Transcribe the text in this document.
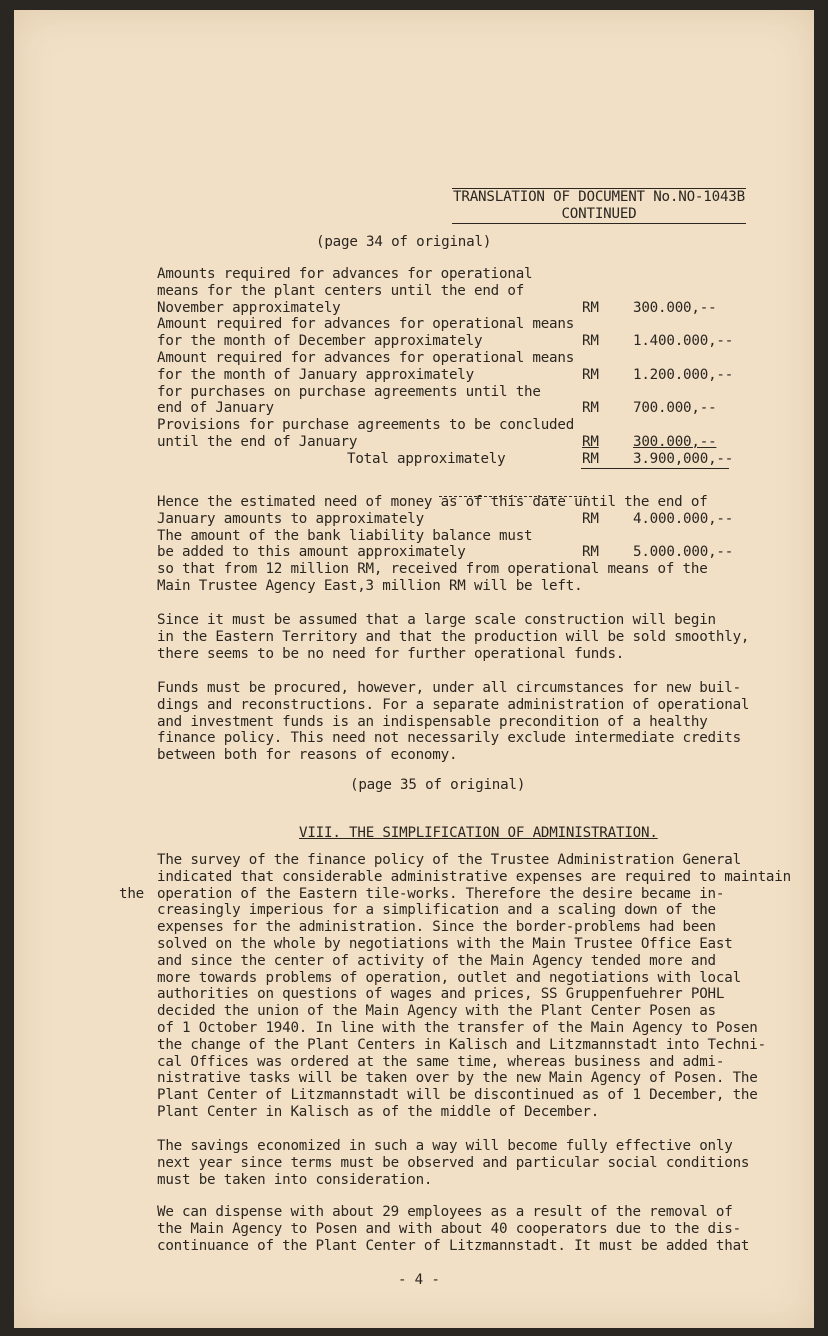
TRANSLATION OF DOCUMENT No.NO-1043B
CONTINUED
(page 34 of original)
Amounts required for advances for operational
means for the plant centers until the end of
November approximately	RM 300.000,--
Amount required for advances for operational means
for the month of December approximately	RM 1.400.000,--
Amount required for advances for operational means
for the month of January approximately	RM 1.200.000,--
for purchases on purchase agreements until the
end of January	RM 700.000,--
Provisions for purchase agreements to be concluded
until the end of January	RM 300.000,--
Total approximately	RM 3.900,000,--
Hence the estimated need of money as of this date until the end of
January amounts to approximately	RM 4.000.000,--
The amount of the bank liability balance must
be added to this amount approximately	RM 5.000.000,--
so that from 12 million RM, received from operational means of the
Main Trustee Agency East,3 million RM will be left.
Since it must be assumed that a large scale construction will begin
in the Eastern Territory and that the production will be sold smoothly,
there seems to be no need for further operational funds.
Funds must be procured, however, under all circumstances for new buil-
dings and reconstructions. For a separate administration of operational
and investment funds is an indispensable precondition of a healthy
finance policy. This need not necessarily exclude intermediate credits
between both for reasons of economy.
(page 35 of original)
VIII. THE SIMPLIFICATION OF ADMINISTRATION.
the
The survey of the finance policy of the Trustee Administration General
indicated that considerable administrative expenses are required to maintain
operation of the Eastern tile-works. Therefore the desire became in-
creasingly imperious for a simplification and a scaling down of the
expenses for the administration. Since the border-problems had been
solved on the whole by negotiations with the Main Trustee Office East
and since the center of activity of the Main Agency tended more and
more towards problems of operation, outlet and negotiations with local
authorities on questions of wages and prices, SS Gruppenfuehrer POHL
decided the union of the Main Agency with the Plant Center Posen as
of 1 October 1940. In line with the transfer of the Main Agency to Posen
the change of the Plant Centers in Kalisch and Litzmannstadt into Techni-
cal Offices was ordered at the same time, whereas business and admi-
nistrative tasks will be taken over by the new Main Agency of Posen. The
Plant Center of Litzmannstadt will be discontinued as of 1 December, the
Plant Center in Kalisch as of the middle of December.
The savings economized in such a way will become fully effective only
next year since terms must be observed and particular social conditions
must be taken into consideration.
We can dispense with about 29 employees as a result of the removal of
the Main Agency to Posen and with about 40 cooperators due to the dis-
continuance of the Plant Center of Litzmannstadt. It must be added that
- 4 -
